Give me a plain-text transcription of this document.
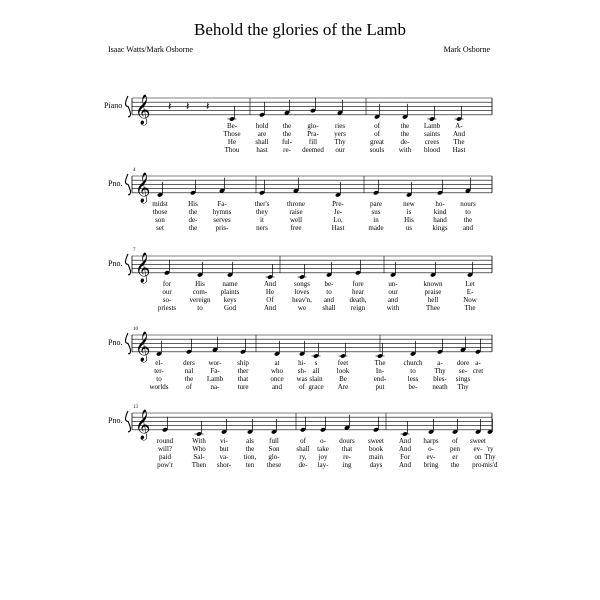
Behold the glories of the Lamb
Isaac Watts/Mark Osborne	Mark Osborne
𝄞
Piano	𝄽 𝄽 𝄽
Be-	hold the glo- ries	of	the Lamb A-
Those are the Pra- yers	of	the saints And
He	shall ful- fill Thy	great de- crees The
Thou hast re- deemed our	souls with blood Hast
𝄞
Pno.
4
midst	His	Fa-	ther's	throne	Pre-	pare	new	ho- nours
those	the hymns	they	raise	Je-	sus	is	kind	to
son	de- serves	it	well	Lo,	in	His	hand the
set	the	pris-	ners	free	Hast	made	us	kings and
𝄞
Pno.
7
for	His	name	And	songs be-	fore	un-	known	Let
our	com- plaints	He	loves to	hear	our	praise	E-
so-	vereign keys	Of	heav'n, and death,	and	hell	Now
priests	to	God	And	we shall reign	with	Thee	The
𝄞
Pno.
10
el-	ders wor- ship	at	hi- s	feet	The	church a- dore a-
ter-	nal Fa-	ther	who sh- all look	In-	to	Thy se- cret
to	the Lamb that	once was slain Be	end-	less bles- sings
worlds	of	na-	ture	and of grace Are	put	be- neath Thy
𝄞
Pno.
13
round	With vi-	als full	of o- dours sweet And harps of sweet
will?	Who but the Son shall take that book And o- pen ev- 'ry
paid	Sal- va- tion, glo-	ry, joy re-	main For ev- er on Thy
pow'r	Then shor- ten these de- lay- ing	days And bring the pro-
mis'd
